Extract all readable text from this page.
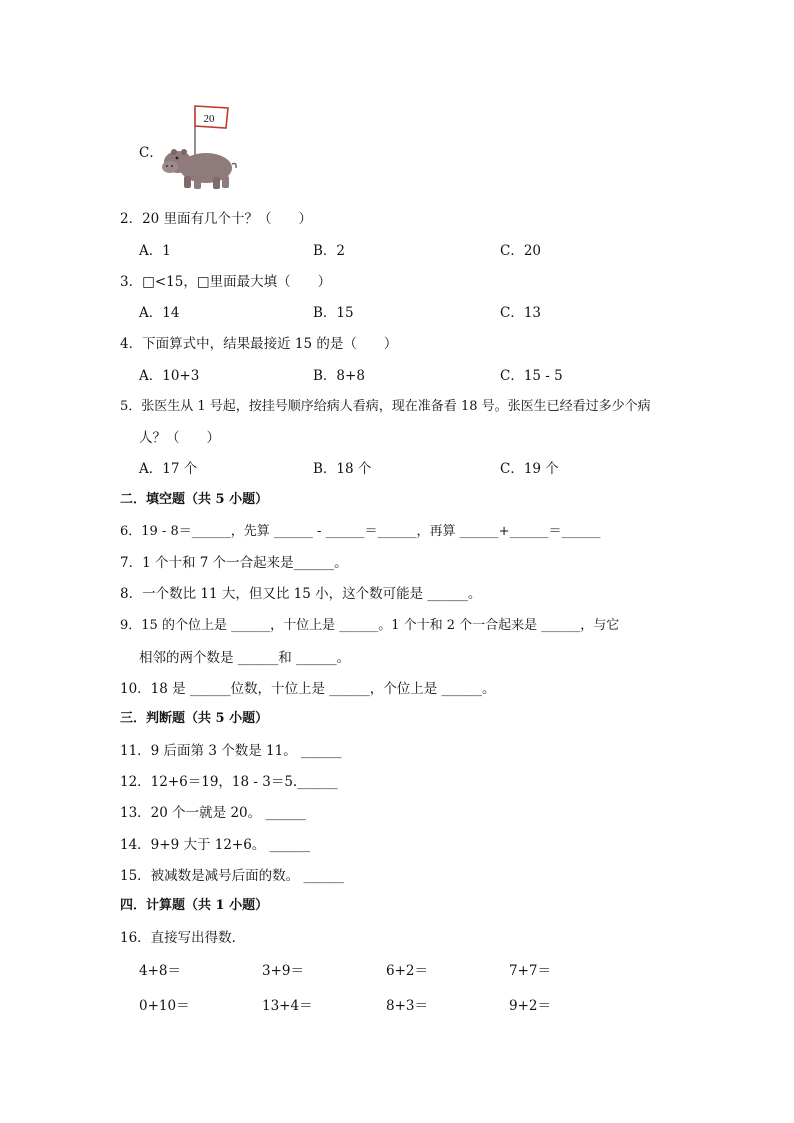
C．
20
2．20 里面有几个十？（　　）
A．1	B．2	C．20
3．□<15，□里面最大填（　　）
A．14	B．15	C．13
4．下面算式中，结果最接近 15 的是（　　）
A．10+3	B．8+8	C．15 - 5
5．张医生从 1 号起，按挂号顺序给病人看病，现在准备看 18 号。张医生已经看过多少个病
人？（　　）
A．17 个	B．18 个	C．19 个
二．填空题（共 5 小题）
6．19 - 8＝______，先算 ______ - ______＝______，再算 ______+______＝______
7．1 个十和 7 个一合起来是______。
8．一个数比 11 大，但又比 15 小，这个数可能是 ______。
9．15 的个位上是 ______，十位上是 ______。1 个十和 2 个一合起来是 ______，与它
相邻的两个数是 ______和 ______。
10．18 是 ______位数，十位上是 ______，个位上是 ______。
三．判断题（共 5 小题）
11．9 后面第 3 个数是 11。 ______
12．12+6＝19，18 - 3＝5.______
13．20 个一就是 20。 ______
14．9+9 大于 12+6。 ______
15．被减数是减号后面的数。 ______
四．计算题（共 1 小题）
16．直接写出得数．
4+8＝	3+9＝	6+2＝	7+7＝
0+10＝	13+4＝	8+3＝	9+2＝
